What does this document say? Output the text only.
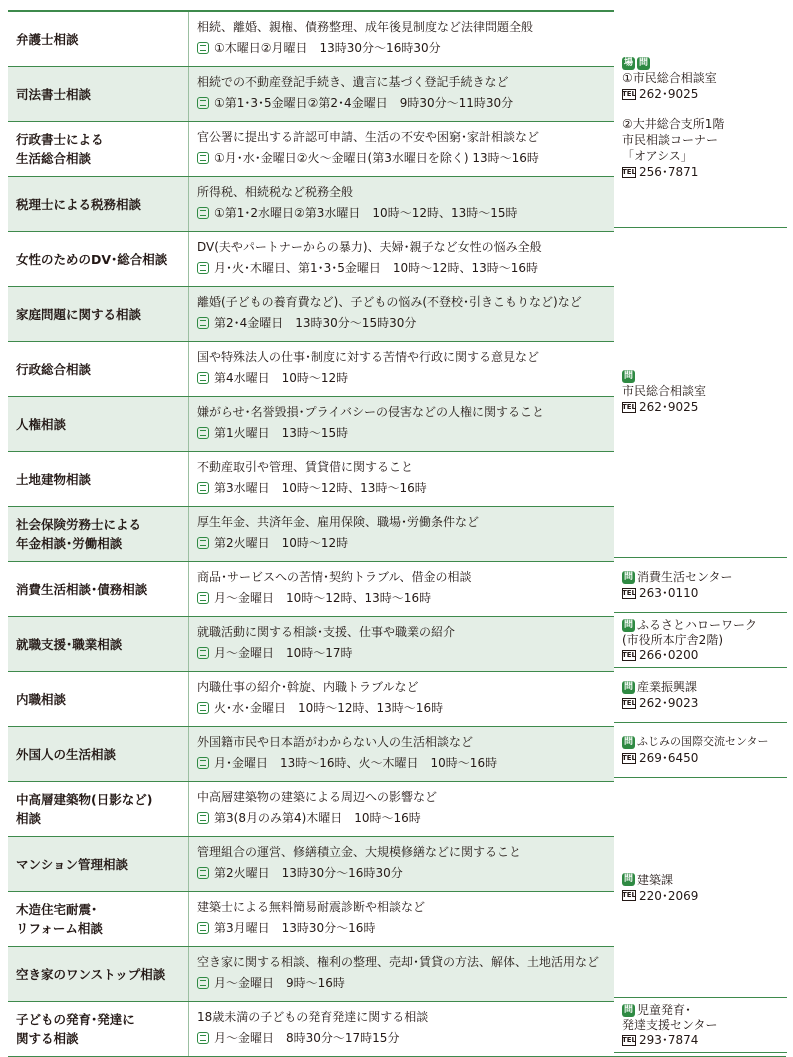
弁護士相談
相続、離婚、親権、債務整理、成年後見制度など法律問題全般
①木曜日②月曜日　13時30分～16時30分
司法書士相談
相続での不動産登記手続き、遺言に基づく登記手続きなど
①第1･3･5金曜日②第2･4金曜日　9時30分～11時30分
行政書士による
生活総合相談
官公署に提出する許認可申請、生活の不安や困窮･家計相談など
①月･水･金曜日②火～金曜日(第3水曜日を除く) 13時～16時
税理士による税務相談
所得税、相続税など税務全般
①第1･2水曜日②第3水曜日　10時～12時、13時～15時
女性のためのDV･総合相談
DV(夫やパートナーからの暴力)、夫婦･親子など女性の悩み全般
月･火･木曜日、第1･3･5金曜日　10時～12時、13時～16時
家庭問題に関する相談
離婚(子どもの養育費など)、子どもの悩み(不登校･引きこもりなど)など
第2･4金曜日　13時30分～15時30分
行政総合相談
国や特殊法人の仕事･制度に対する苦情や行政に関する意見など
第4水曜日　10時～12時
人権相談
嫌がらせ･名誉毀損･プライバシーの侵害などの人権に関すること
第1火曜日　13時～15時
土地建物相談
不動産取引や管理、賃貸借に関すること
第3水曜日　10時～12時、13時～16時
社会保険労務士による
年金相談･労働相談
厚生年金、共済年金、雇用保険、職場･労働条件など
第2火曜日　10時～12時
消費生活相談･債務相談
商品･サービスへの苦情･契約トラブル、借金の相談
月～金曜日　10時～12時、13時～16時
就職支援･職業相談
就職活動に関する相談･支援、仕事や職業の紹介
月～金曜日　10時～17時
内職相談
内職仕事の紹介･斡旋、内職トラブルなど
火･水･金曜日　10時～12時、13時～16時
外国人の生活相談
外国籍市民や日本語がわからない人の生活相談など
月･金曜日　13時～16時、火～木曜日　10時～16時
中高層建築物(日影など)
相談
中高層建築物の建築による周辺への影響など
第3(8月のみ第4)木曜日　10時～16時
マンション管理相談
管理組合の運営、修繕積立金、大規模修繕などに関すること
第2火曜日　13時30分～16時30分
木造住宅耐震･
リフォーム相談
建築士による無料簡易耐震診断や相談など
第3月曜日　13時30分～16時
空き家のワンストップ相談
空き家に関する相談、権利の整理、売却･賃貸の方法、解体、土地活用など
月～金曜日　9時～16時
子どもの発育･発達に
関する相談
18歳未満の子どもの発育発達に関する相談
月～金曜日　8時30分～17時15分
場 問
①市民総合相談室
TEL 262･9025
②大井総合支所1階
市民相談コーナー
「オアシス」
TEL 256･7871
問
市民総合相談室
TEL 262･9025
問 消費生活センター
TEL 263･0110
問 ふるさとハローワーク
(市役所本庁舎2階)
TEL 266･0200
問 産業振興課
TEL 262･9023
問 ふじみの国際交流センター
TEL 269･6450
問 建築課
TEL 220･2069
問 児童発育･
発達支援センター
TEL 293･7874
